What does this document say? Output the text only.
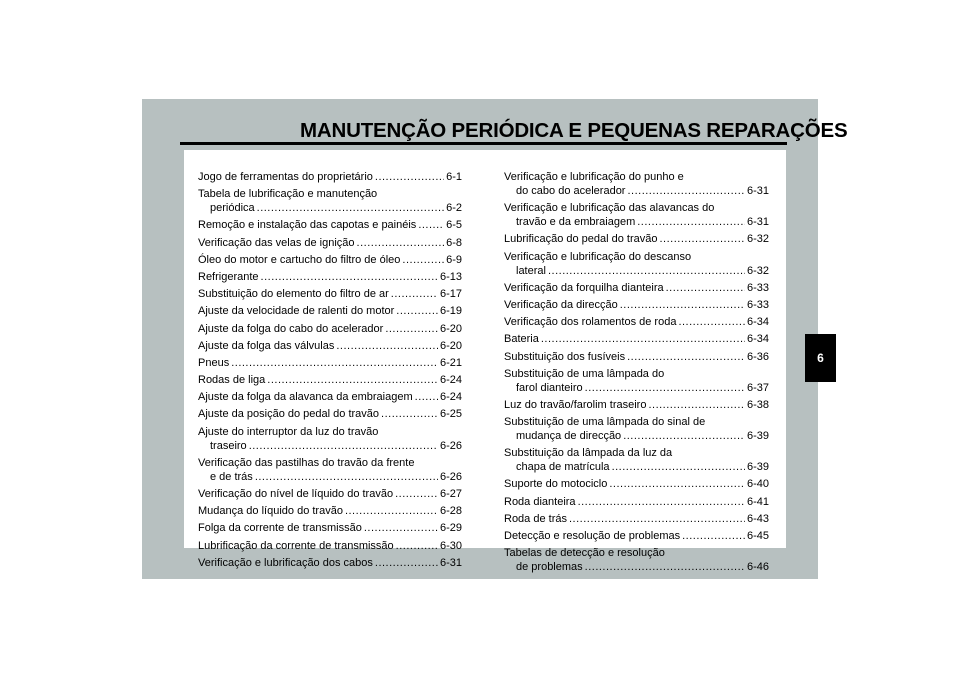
MANUTENÇÃO PERIÓDICA E PEQUENAS REPARAÇÕES
Jogo de ferramentas do proprietário .....	6-1
Tabela de lubrificação e manutenção
periódica .....	6-2
Remoção e instalação das capotas e painéis .....	6-5
Verificação das velas de ignição .....	6-8
Óleo do motor e cartucho do filtro de óleo .....	6-9
Refrigerante .....	6-13
Substituição do elemento do filtro de ar .....	6-17
Ajuste da velocidade de ralenti do motor .....	6-19
Ajuste da folga do cabo do acelerador .....	6-20
Ajuste da folga das válvulas .....	6-20
Pneus .....	6-21
Rodas de liga .....	6-24
Ajuste da folga da alavanca da embraiagem ..... 6-24
Ajuste da posição do pedal do travão .....	6-25
Ajuste do interruptor da luz do travão
traseiro .....	6-26
Verificação das pastilhas do travão da frente
e de trás .....	6-26
Verificação do nível de líquido do travão .....	6-27
Mudança do líquido do travão .....	6-28
Folga da corrente de transmissão .....	6-29
Lubrificação da corrente de transmissão .....	6-30
Verificação e lubrificação dos cabos .....	6-31
Verificação e lubrificação do punho e
do cabo do acelerador .....	6-31
Verificação e lubrificação das alavancas do
travão e da embraiagem .....	6-31
Lubrificação do pedal do travão .....	6-32
Verificação e lubrificação do descanso
lateral .....	6-32
Verificação da forquilha dianteira .....	6-33
Verificação da direcção .....	6-33
Verificação dos rolamentos de roda .....	6-34
Bateria .....	6-34
Substituição dos fusíveis .....	6-36
Substituição de uma lâmpada do
farol dianteiro .....	6-37
Luz do travão/farolim traseiro .....	6-38
Substituição de uma lâmpada do sinal de
mudança de direcção .....	6-39
Substituição da lâmpada da luz da
chapa de matrícula .....	6-39
Suporte do motociclo .....	6-40
Roda dianteira .....	6-41
Roda de trás .....	6-43
Detecção e resolução de problemas .....	6-45
Tabelas de detecção e resolução
de problemas .....	6-46
6
